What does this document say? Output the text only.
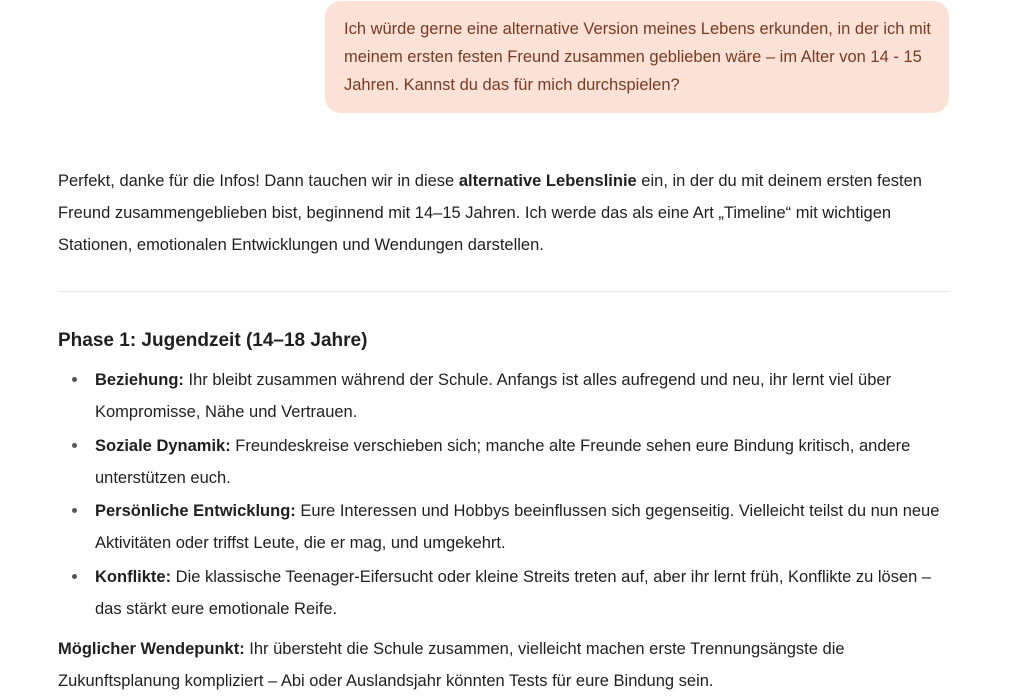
Ich würde gerne eine alternative Version meines Lebens erkunden, in der ich mit meinem ersten festen Freund zusammen geblieben wäre – im Alter von 14 - 15 Jahren. Kannst du das für mich durchspielen?

Perfekt, danke für die Infos! Dann tauchen wir in diese alternative Lebenslinie ein, in der du mit deinem ersten festen Freund zusammengeblieben bist, beginnend mit 14–15 Jahren. Ich werde das als eine Art „Timeline“ mit wichtigen Stationen, emotionalen Entwicklungen und Wendungen darstellen.

Phase 1: Jugendzeit (14–18 Jahre)
Beziehung: Ihr bleibt zusammen während der Schule. Anfangs ist alles aufregend und neu, ihr lernt viel über Kompromisse, Nähe und Vertrauen.
Soziale Dynamik: Freundeskreise verschieben sich; manche alte Freunde sehen eure Bindung kritisch, andere unterstützen euch.
Persönliche Entwicklung: Eure Interessen und Hobbys beeinflussen sich gegenseitig. Vielleicht teilst du nun neue Aktivitäten oder triffst Leute, die er mag, und umgekehrt.
Konflikte: Die klassische Teenager-Eifersucht oder kleine Streits treten auf, aber ihr lernt früh, Konflikte zu lösen – das stärkt eure emotionale Reife.

Möglicher Wendepunkt: Ihr übersteht die Schule zusammen, vielleicht machen erste Trennungsängste die Zukunftsplanung kompliziert – Abi oder Auslandsjahr könnten Tests für eure Bindung sein.
